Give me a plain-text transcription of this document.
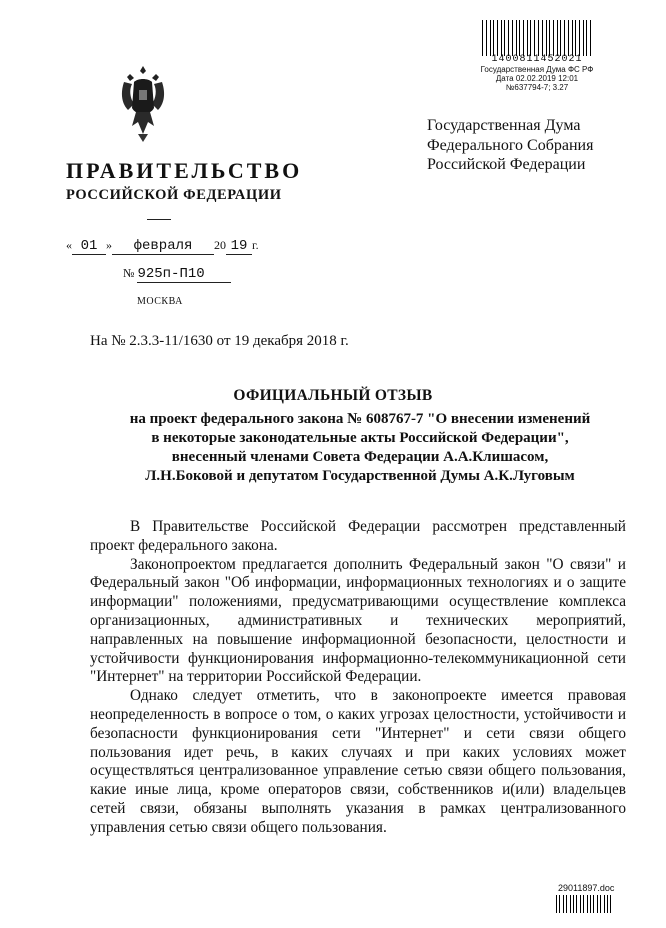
1400811452021
Государственная Дума ФС РФ
Дата 02.02.2019 12:01
№637794-7; 3.27
ПРАВИТЕЛЬСТВО
РОССИЙСКОЙ ФЕДЕРАЦИИ
Государственная Дума
Федерального Собрания
Российской Федерации
« 01 » февраля 20 19 г.
№ 925п-П10
МОСКВА
На № 2.3.3-11/1630 от 19 декабря 2018 г.
ОФИЦИАЛЬНЫЙ ОТЗЫВ
на проект федерального закона № 608767-7 "О внесении изменений
в некоторые законодательные акты Российской Федерации",
внесенный членами Совета Федерации А.А.Клишасом,
Л.Н.Боковой и депутатом Государственной Думы А.К.Луговым

В Правительстве Российской Федерации рассмотрен представленный проект федерального закона.

Законопроектом предлагается дополнить Федеральный закон "О связи" и Федеральный закон "Об информации, информационных технологиях и о защите информации" положениями, предусматривающими осуществление комплекса организационных, административных и технических мероприятий, направленных на повышение информационной безопасности, целостности и устойчивости функционирования информационно-телекоммуникационной сети "Интернет" на территории Российской Федерации.

Однако следует отметить, что в законопроекте имеется правовая неопределенность в вопросе о том, о каких угрозах целостности, устойчивости и безопасности функционирования сети "Интернет" и сети связи общего пользования идет речь, в каких случаях и при каких условиях может осуществляться централизованное управление сетью связи общего пользования, какие иные лица, кроме операторов связи, собственников и(или) владельцев сетей связи, обязаны выполнять указания в рамках централизованного управления сетью связи общего пользования.

29011897.doc
